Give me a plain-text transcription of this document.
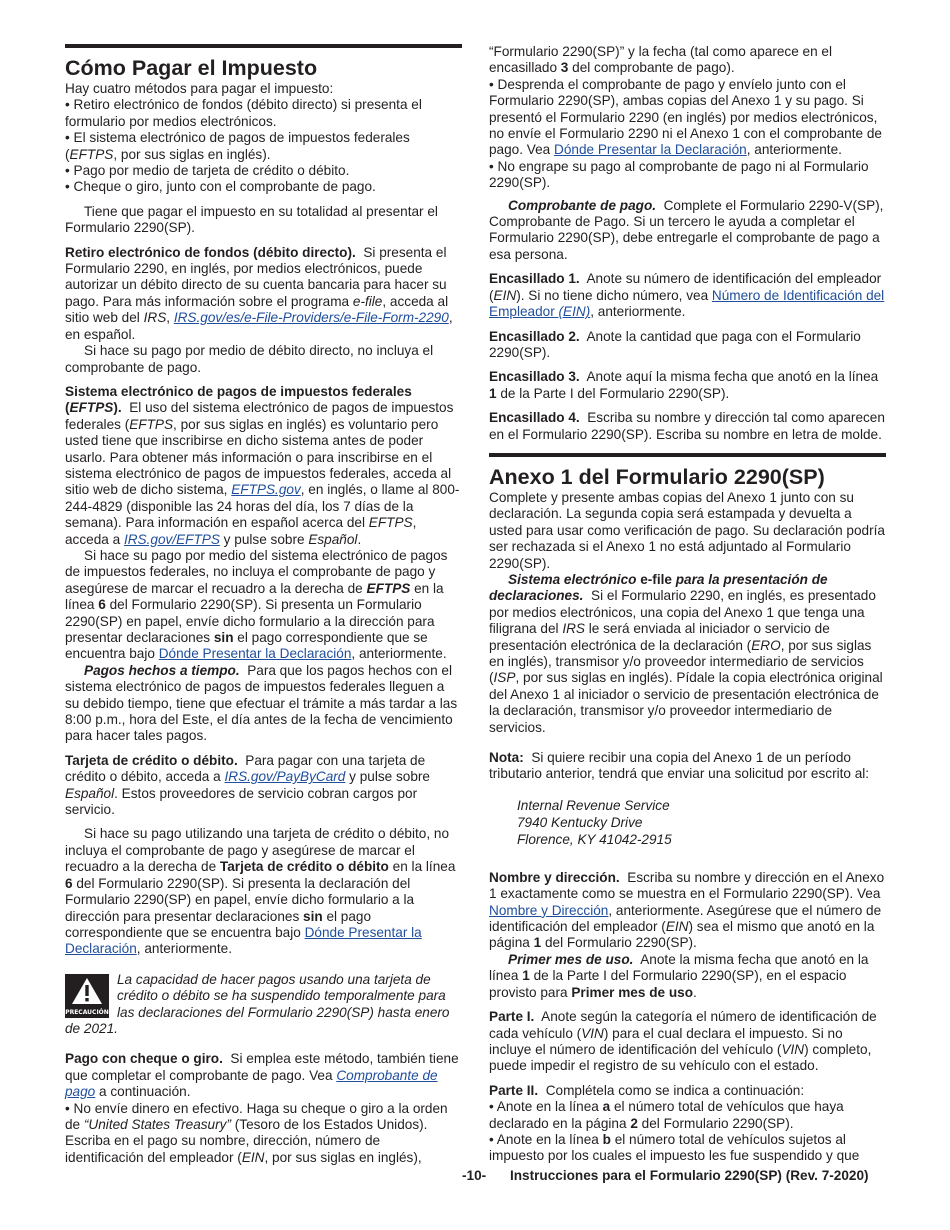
Cómo Pagar el Impuesto

Hay cuatro métodos para pagar el impuesto:

• Retiro electrónico de fondos (débito directo) si presenta el formulario por medios electrónicos.

• El sistema electrónico de pagos de impuestos federales
(EFTPS, por sus siglas en inglés).

• Pago por medio de tarjeta de crédito o débito.

• Cheque o giro, junto con el comprobante de pago.

Tiene que pagar el impuesto en su totalidad al presentar el Formulario 2290(SP).

Retiro electrónico de fondos (débito directo). Si presenta el Formulario 2290, en inglés, por medios electrónicos, puede autorizar un débito directo de su cuenta bancaria para hacer su pago. Para más información sobre el programa e-file, acceda al sitio web del IRS, IRS.gov/es/e-File-Providers/e-File-Form-2290, en español.

Si hace su pago por medio de débito directo, no incluya el comprobante de pago.

Sistema electrónico de pagos de impuestos federales (EFTPS). El uso del sistema electrónico de pagos de impuestos federales (EFTPS, por sus siglas en inglés) es voluntario pero usted tiene que inscribirse en dicho sistema antes de poder usarlo. Para obtener más información o para inscribirse en el sistema electrónico de pagos de impuestos federales, acceda al sitio web de dicho sistema, EFTPS.gov, en inglés, o llame al 800-244-4829 (disponible las 24 horas del día, los 7 días de la semana). Para información en español acerca del EFTPS, acceda a IRS.gov/EFTPS y pulse sobre Español.

Si hace su pago por medio del sistema electrónico de pagos de impuestos federales, no incluya el comprobante de pago y asegúrese de marcar el recuadro a la derecha de EFTPS en la línea 6 del Formulario 2290(SP). Si presenta un Formulario 2290(SP) en papel, envíe dicho formulario a la dirección para presentar declaraciones sin el pago correspondiente que se encuentra bajo Dónde Presentar la Declaración, anteriormente.

Pagos hechos a tiempo. Para que los pagos hechos con el sistema electrónico de pagos de impuestos federales lleguen a su debido tiempo, tiene que efectuar el trámite a más tardar a las 8:00 p.m., hora del Este, el día antes de la fecha de vencimiento para hacer tales pagos.

Tarjeta de crédito o débito. Para pagar con una tarjeta de crédito o débito, acceda a IRS.gov/PayByCard y pulse sobre Español. Estos proveedores de servicio cobran cargos por servicio.

Si hace su pago utilizando una tarjeta de crédito o débito, no incluya el comprobante de pago y asegúrese de marcar el recuadro a la derecha de Tarjeta de crédito o débito en la línea 6 del Formulario 2290(SP). Si presenta la declaración del Formulario 2290(SP) en papel, envíe dicho formulario a la dirección para presentar declaraciones sin el pago correspondiente que se encuentra bajo Dónde Presentar la Declaración, anteriormente.

PRECAUCIÓN

La capacidad de hacer pagos usando una tarjeta de crédito o débito se ha suspendido temporalmente para las declaraciones del Formulario 2290(SP) hasta enero de 2021.

Pago con cheque o giro. Si emplea este método, también tiene que completar el comprobante de pago. Vea Comprobante de pago a continuación.

• No envíe dinero en efectivo. Haga su cheque o giro a la orden de “United States Treasury” (Tesoro de los Estados Unidos). Escriba en el pago su nombre, dirección, número de identificación del empleador (EIN, por sus siglas en inglés),

“Formulario 2290(SP)” y la fecha (tal como aparece en el encasillado 3 del comprobante de pago).

• Desprenda el comprobante de pago y envíelo junto con el Formulario 2290(SP), ambas copias del Anexo 1 y su pago. Si presentó el Formulario 2290 (en inglés) por medios electrónicos, no envíe el Formulario 2290 ni el Anexo 1 con el comprobante de pago. Vea Dónde Presentar la Declaración, anteriormente.

• No engrape su pago al comprobante de pago ni al Formulario 2290(SP).

Comprobante de pago. Complete el Formulario 2290-V(SP), Comprobante de Pago. Si un tercero le ayuda a completar el Formulario 2290(SP), debe entregarle el comprobante de pago a esa persona.

Encasillado 1. Anote su número de identificación del empleador (EIN). Si no tiene dicho número, vea Número de Identificación del Empleador (EIN), anteriormente.

Encasillado 2. Anote la cantidad que paga con el Formulario 2290(SP).

Encasillado 3. Anote aquí la misma fecha que anotó en la línea 1 de la Parte I del Formulario 2290(SP).

Encasillado 4. Escriba su nombre y dirección tal como aparecen en el Formulario 2290(SP). Escriba su nombre en letra de molde.

Anexo 1 del Formulario 2290(SP)

Complete y presente ambas copias del Anexo 1 junto con su declaración. La segunda copia será estampada y devuelta a usted para usar como verificación de pago. Su declaración podría ser rechazada si el Anexo 1 no está adjuntado al Formulario 2290(SP).

Sistema electrónico e-file para la presentación de declaraciones. Si el Formulario 2290, en inglés, es presentado por medios electrónicos, una copia del Anexo 1 que tenga una filigrana del IRS le será enviada al iniciador o servicio de presentación electrónica de la declaración (ERO, por sus siglas en inglés), transmisor y/o proveedor intermediario de servicios (ISP, por sus siglas en inglés). Pídale la copia electrónica original del Anexo 1 al iniciador o servicio de presentación electrónica de la declaración, transmisor y/o proveedor intermediario de servicios.

Nota: Si quiere recibir una copia del Anexo 1 de un período tributario anterior, tendrá que enviar una solicitud por escrito al:

Internal Revenue Service
7940 Kentucky Drive
Florence, KY 41042-2915

Nombre y dirección. Escriba su nombre y dirección en el Anexo 1 exactamente como se muestra en el Formulario 2290(SP). Vea Nombre y Dirección, anteriormente. Asegúrese que el número de identificación del empleador (EIN) sea el mismo que anotó en la página 1 del Formulario 2290(SP).

Primer mes de uso. Anote la misma fecha que anotó en la línea 1 de la Parte I del Formulario 2290(SP), en el espacio provisto para Primer mes de uso.

Parte I. Anote según la categoría el número de identificación de cada vehículo (VIN) para el cual declara el impuesto. Si no incluye el número de identificación del vehículo (VIN) completo, puede impedir el registro de su vehículo con el estado.

Parte II. Complétela como se indica a continuación:

• Anote en la línea a el número total de vehículos que haya declarado en la página 2 del Formulario 2290(SP).

• Anote en la línea b el número total de vehículos sujetos al impuesto por los cuales el impuesto les fue suspendido y que

-10- Instrucciones para el Formulario 2290(SP) (Rev. 7-2020)
